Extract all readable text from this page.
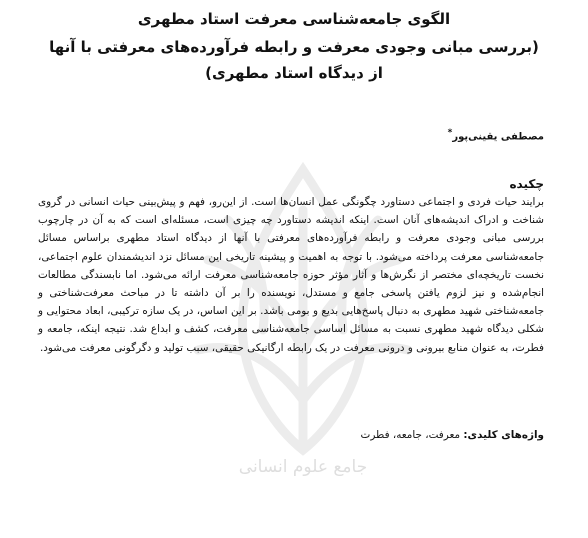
جامع علوم انسانی
الگوی جامعه‌شناسی معرفت استاد مطهری
(بررسی مبانی وجودی معرفت و رابطه فرآورده‌های معرفتی با آنها
از دیدگاه استاد مطهری)
مصطفی یقینی‌پور*
چکیده

برایند حیات فردی و اجتماعی دستاورد چگونگی عمل انسان‌ها است. از این‌رو، فهم و پیش‌بینی حیات انسانی در گروی شناخت و ادراک اندیشه‌های آنان است. اینکه اندیشه دستاورد چه چیزی است، مسئله‌ای است که به آن در چارچوب بررسی مبانی وجودی معرفت و رابطه فرآورده‌های معرفتی با آنها از دیدگاه استاد مطهری براساس مسائل جامعه‌شناسی معرفت پرداخته می‌شود. با توجه به اهمیت و پیشینه تاریخی این مسائل نزد اندیشمندان علوم اجتماعی، نخست تاریخچه‌ای مختصر از نگرش‌ها و آثار مؤثر حوزه جامعه‌شناسی معرفت ارائه می‌شود. اما نابسندگی مطالعات انجام‌شده و نیز لزوم یافتن پاسخی جامع و مستدل، نویسنده را بر آن داشته تا در مباحث معرفت‌شناختی و جامعه‌شناختی شهید مطهری به دنبال پاسخ‌هایی بدیع و بومی باشد. بر این اساس، در یک سازه ترکیبی، ابعاد محتوایی و شکلی دیدگاه شهید مطهری نسبت به مسائل اساسی جامعه‌شناسی معرفت، کشف و ابداع شد. نتیجه اینکه، جامعه و فطرت، به عنوان منابع بیرونی و درونی معرفت در یک رابطه ارگانیکی حقیقی، سبب تولید و دگرگونی معرفت می‌شود.

واژه‌های کلیدی: معرفت، جامعه، فطرت
